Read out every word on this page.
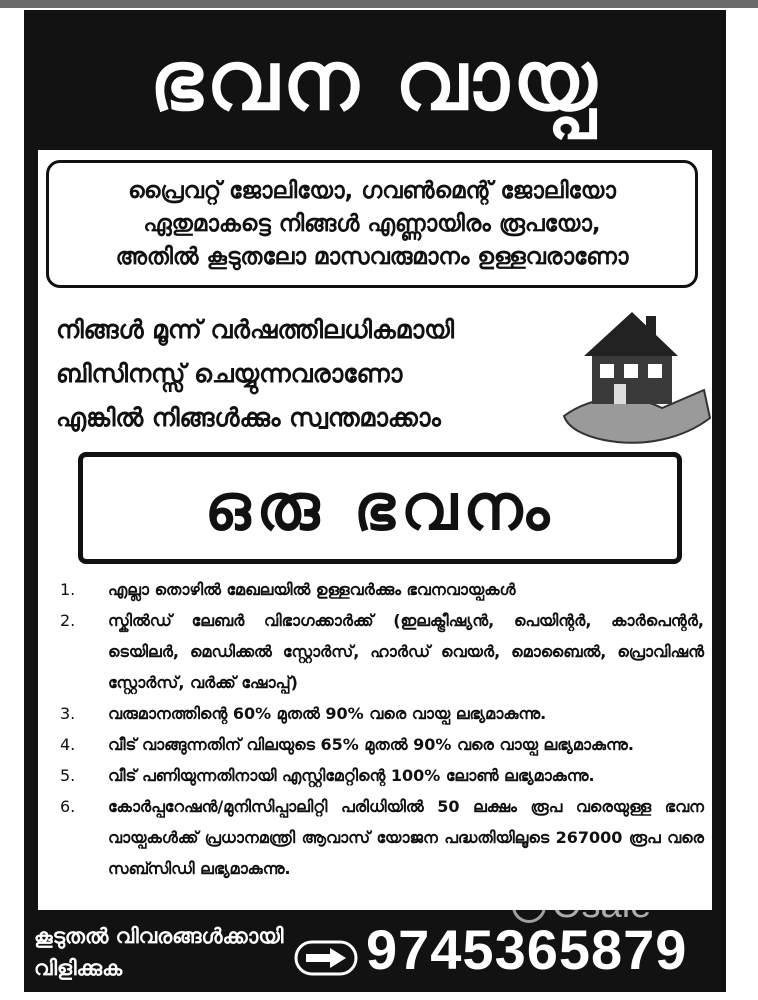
ഭവന വായ്പ
പ്രൈവറ്റ് ജോലിയോ, ഗവൺമെന്റ് ജോലിയോ
ഏതുമാകട്ടെ നിങ്ങൾ എണ്ണായിരം രൂപയോ,
അതിൽ കൂടുതലോ മാസവരുമാനം ഉള്ളവരാണോ
നിങ്ങൾ മൂന്ന് വർഷത്തിലധികമായി
ബിസിനസ്സ് ചെയ്യുന്നവരാണോ
എങ്കിൽ നിങ്ങൾക്കും സ്വന്തമാക്കാം
ഒരു ഭവനം
1. എല്ലാ തൊഴിൽ മേഖലയിൽ ഉള്ളവർക്കും ഭവനവായ്പകൾ
2. സ്കിൽഡ് ലേബർ വിഭാഗക്കാർക്ക് (ഇലക്ട്രീഷ്യൻ, പെയിന്റർ, കാർപെന്റർ, ടെയിലർ, മെഡിക്കൽ സ്റ്റോർസ്, ഹാർഡ് വെയർ, മൊബൈൽ, പ്രൊവിഷൻ സ്റ്റോർസ്, വർക്ക് ഷോപ്പ്)
3. വരുമാനത്തിന്റെ 60% മുതൽ 90% വരെ വായ്പ ലഭ്യമാകുന്നു.
4. വീട് വാങ്ങുന്നതിന് വിലയുടെ 65% മുതൽ 90% വരെ വായ്പ ലഭ്യമാകുന്നു.
5. വീട് പണിയുന്നതിനായി എസ്റ്റിമേറ്റിന്റെ 100% ലോൺ ലഭ്യമാകുന്നു.
6. കോർപ്പറേഷൻ/മുനിസിപ്പാലിറ്റി പരിധിയിൽ 50 ലക്ഷം രൂപ വരെയുള്ള ഭവന വായ്പകൾക്ക് പ്രധാനമന്ത്രി ആവാസ് യോജന പദ്ധതിയിലൂടെ 267000 രൂപ വരെ സബ്സിഡി ലഭ്യമാകുന്നു.
കൂടുതൽ വിവരങ്ങൾക്കായി
വിളിക്കുക	9745365879
Osale
